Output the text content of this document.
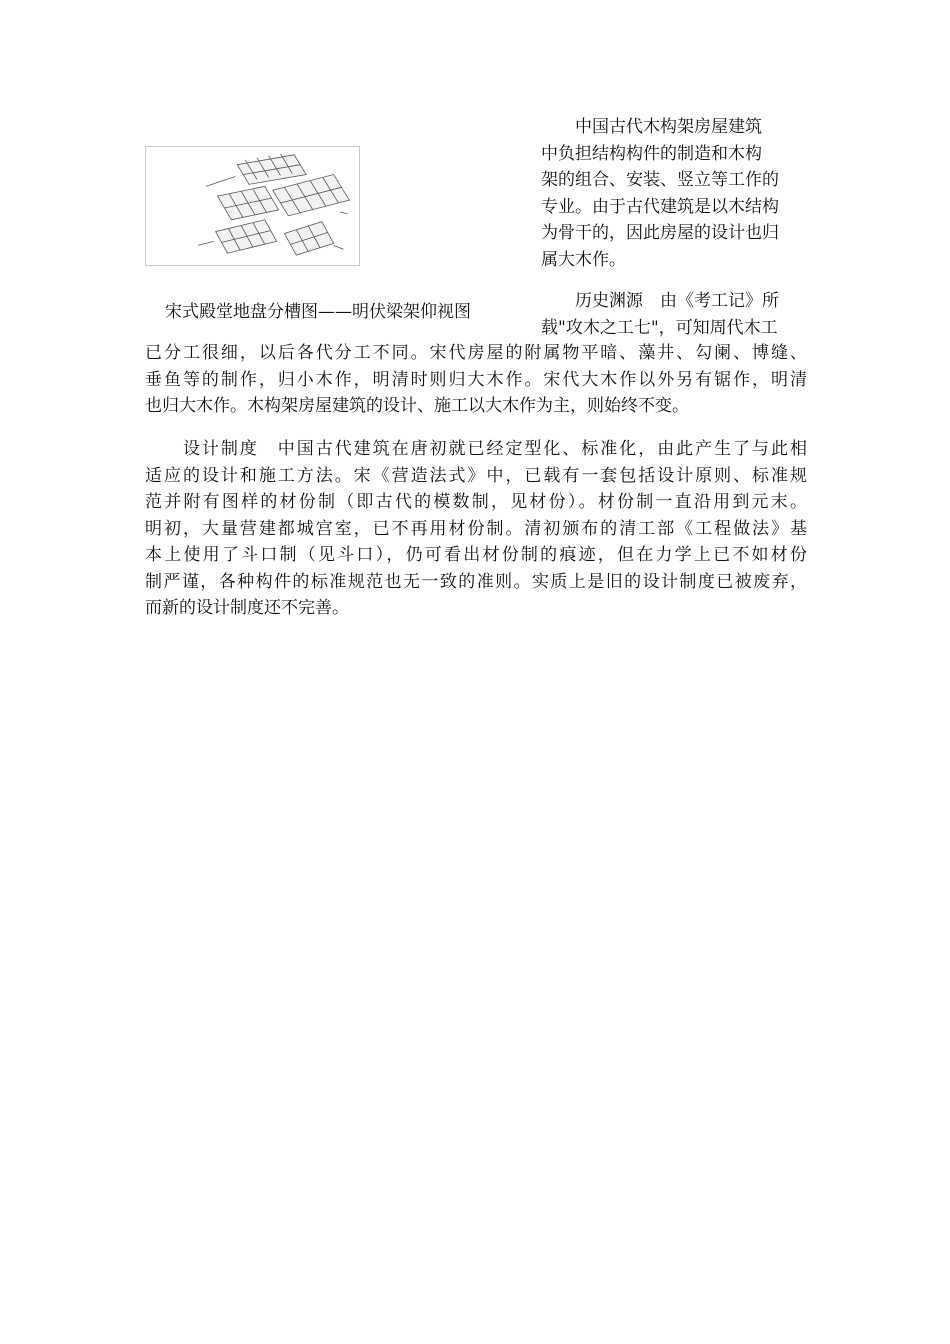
宋式殿堂地盘分槽图——明伏梁架仰视图
　　中国古代木构架房屋建筑
中负担结构构件的制造和木构
架的组合、安装、竖立等工作的
专业。由于古代建筑是以木结构
为骨干的，因此房屋的设计也归
属大木作。
　　历史渊源　由《考工记》所
载"攻木之工七"，可知周代木工
已分工很细，以后各代分工不同。宋代房屋的附属物平暗、藻井、勾阑、博缝、
垂鱼等的制作，归小木作，明清时则归大木作。宋代大木作以外另有锯作，明清
也归大木作。木构架房屋建筑的设计、施工以大木作为主，则始终不变。
　　设计制度　中国古代建筑在唐初就已经定型化、标准化，由此产生了与此相
适应的设计和施工方法。宋《营造法式》中，已载有一套包括设计原则、标准规
范并附有图样的材份制（即古代的模数制，见材份）。材份制一直沿用到元末。
明初，大量营建都城宫室，已不再用材份制。清初颁布的清工部《工程做法》基
本上使用了斗口制（见斗口），仍可看出材份制的痕迹，但在力学上已不如材份
制严谨，各种构件的标准规范也无一致的准则。实质上是旧的设计制度已被废弃，
而新的设计制度还不完善。
